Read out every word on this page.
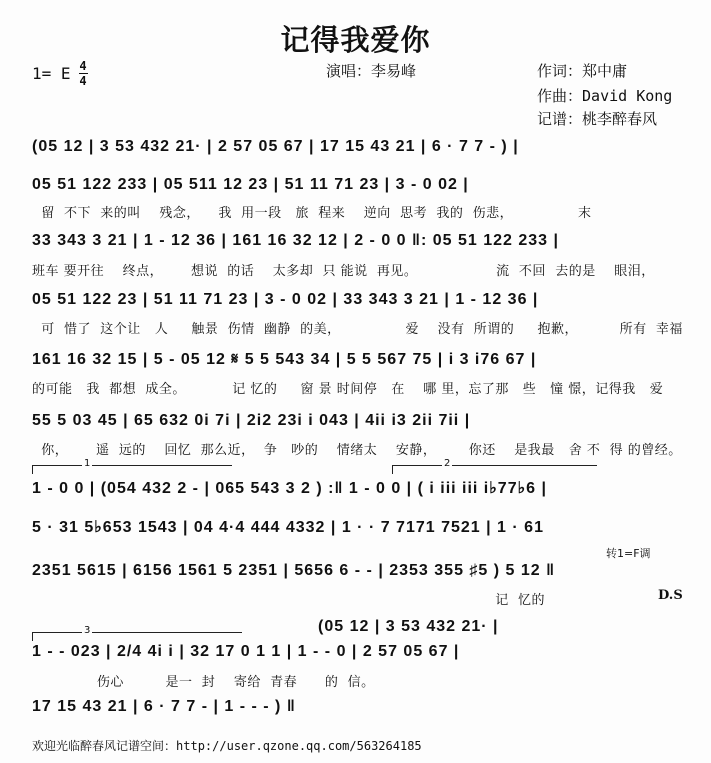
记得我爱你
1= E $\frac{4}{4}$	演唱：李易峰	作词：郑中庸
作曲：David Kong
记谱：桃李醉春风
(05 12 | 3 53 432 21· | 2 57 05 67 | 17 15 43 21 | 6 · 7 7 - ) |
05 51 122 233 | 05 511 12 23 | 51 11 71 23 | 3 - 0 02 |
留  不下  来的叫    残念，    我  用一段   旅  程来    逆向  思考  我的  伤悲，              末
33 343 3 21 | 1 - 12 36 | 161 16 32 12 | 2 - 0 0 ‖: 05 51 122 233 |
班车 要开往    终点，      想说  的话    太多却  只 能说  再见。                 流  不回  去的是    眼泪，
05 51 122 23 | 51 11 71 23 | 3 - 0 02 | 33 343 3 21 | 1 - 12 36 |
可  惜了  这个让   人     触景  伤情  幽静  的美，              爱    没有  所谓的     抱歉，         所有  幸福
161 16 32 15 | 5 - 05 12 𝄋 5 5 543 34 | 5 5 567 75 | i 3 i76 67 |
的可能   我  都想  成全。          记 忆的     窗 景 时间停   在    哪 里，忘了那   些   憧 憬，记得我   爱
55 5 03 45 | 65 632 0i 7i | 2i2 23i i 043 | 4ii i3 2ii 7ii |
你，      遥  远的    回忆  那么近，  争   吵的    情绪太    安静，       你还    是我最   舍 不  得 的曾经。
1	2
1 - 0 0 | (054 432 2 - | 065 543 3 2 ) :‖ 1 - 0 0 | ( i iii iii i♭77♭6 |
5 · 31 5♭653 1543 | 04 4·4 444 4332 | 1 · · 7 7171 7521 | 1 · 61
转1=F调
2351 5615 | 6156 1561 5 2351 | 5656 6 - - | 2353 355 ♯5 ) 5 12 ‖
记  忆的	D.S
(05 12 | 3 53 432 21· |
3
1 - - 023 | 2/4 4i i | 32 17 0 1 1 | 1 - - 0 | 2 57 05 67 |
伤心         是一  封    寄给  青春      的  信。
17 15 43 21 | 6 · 7 7 - | 1 - - - ) ‖
欢迎光临醉春风记谱空间：http://user.qzone.qq.com/563264185
